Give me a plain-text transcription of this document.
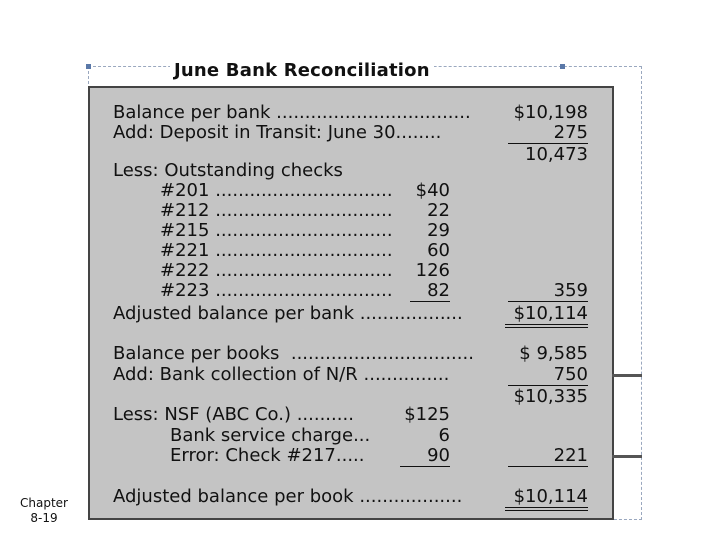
June Bank Reconciliation
Balance per bank ..................................	$10,198
Add: Deposit in Transit: June 30........	275
10,473
Less: Outstanding checks
#201 ...............................	$40
#212 ...............................	22
#215 ...............................	29
#221 ...............................	60
#222 ...............................	126
#223 ...............................	82	359
Adjusted balance per bank ..................	$10,114
Balance per books ................................	$ 9,585
Add: Bank collection of N/R ...............	750
$10,335
Less: NSF (ABC Co.) ..........	$125
Bank service charge...	6
Error: Check #217.....	90	221
Adjusted balance per book ..................	$10,114
Chapter
8-19
